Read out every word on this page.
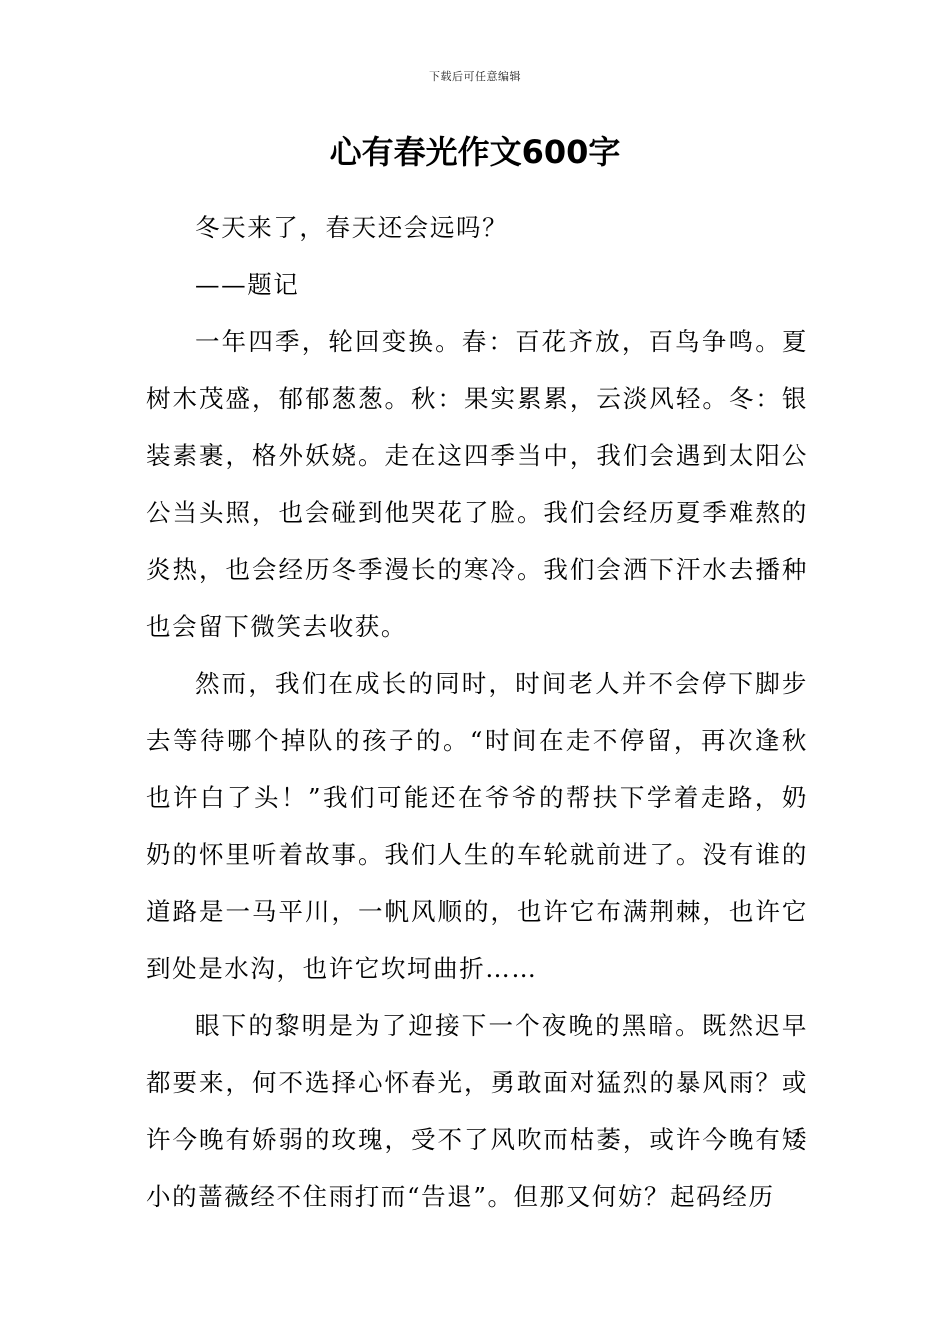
下载后可任意编辑
心有春光作文600字

冬天来了，春天还会远吗？

——题记

一年四季，轮回变换。春：百花齐放，百鸟争鸣。夏树木茂盛，郁郁葱葱。秋：果实累累，云淡风轻。冬：银装素裹，格外妖娆。走在这四季当中，我们会遇到太阳公公当头照，也会碰到他哭花了脸。我们会经历夏季难熬的炎热，也会经历冬季漫长的寒冷。我们会洒下汗水去播种也会留下微笑去收获。

然而，我们在成长的同时，时间老人并不会停下脚步去等待哪个掉队的孩子的。“时间在走不停留，再次逢秋也许白了头！”我们可能还在爷爷的帮扶下学着走路，奶奶的怀里听着故事。我们人生的车轮就前进了。没有谁的道路是一马平川，一帆风顺的，也许它布满荆棘，也许它到处是水沟，也许它坎坷曲折……

眼下的黎明是为了迎接下一个夜晚的黑暗。既然迟早都要来，何不选择心怀春光，勇敢面对猛烈的暴风雨？或许今晚有娇弱的玫瑰，受不了风吹而枯萎，或许今晚有矮小的蔷薇经不住雨打而“告退”。但那又何妨？起码经历
